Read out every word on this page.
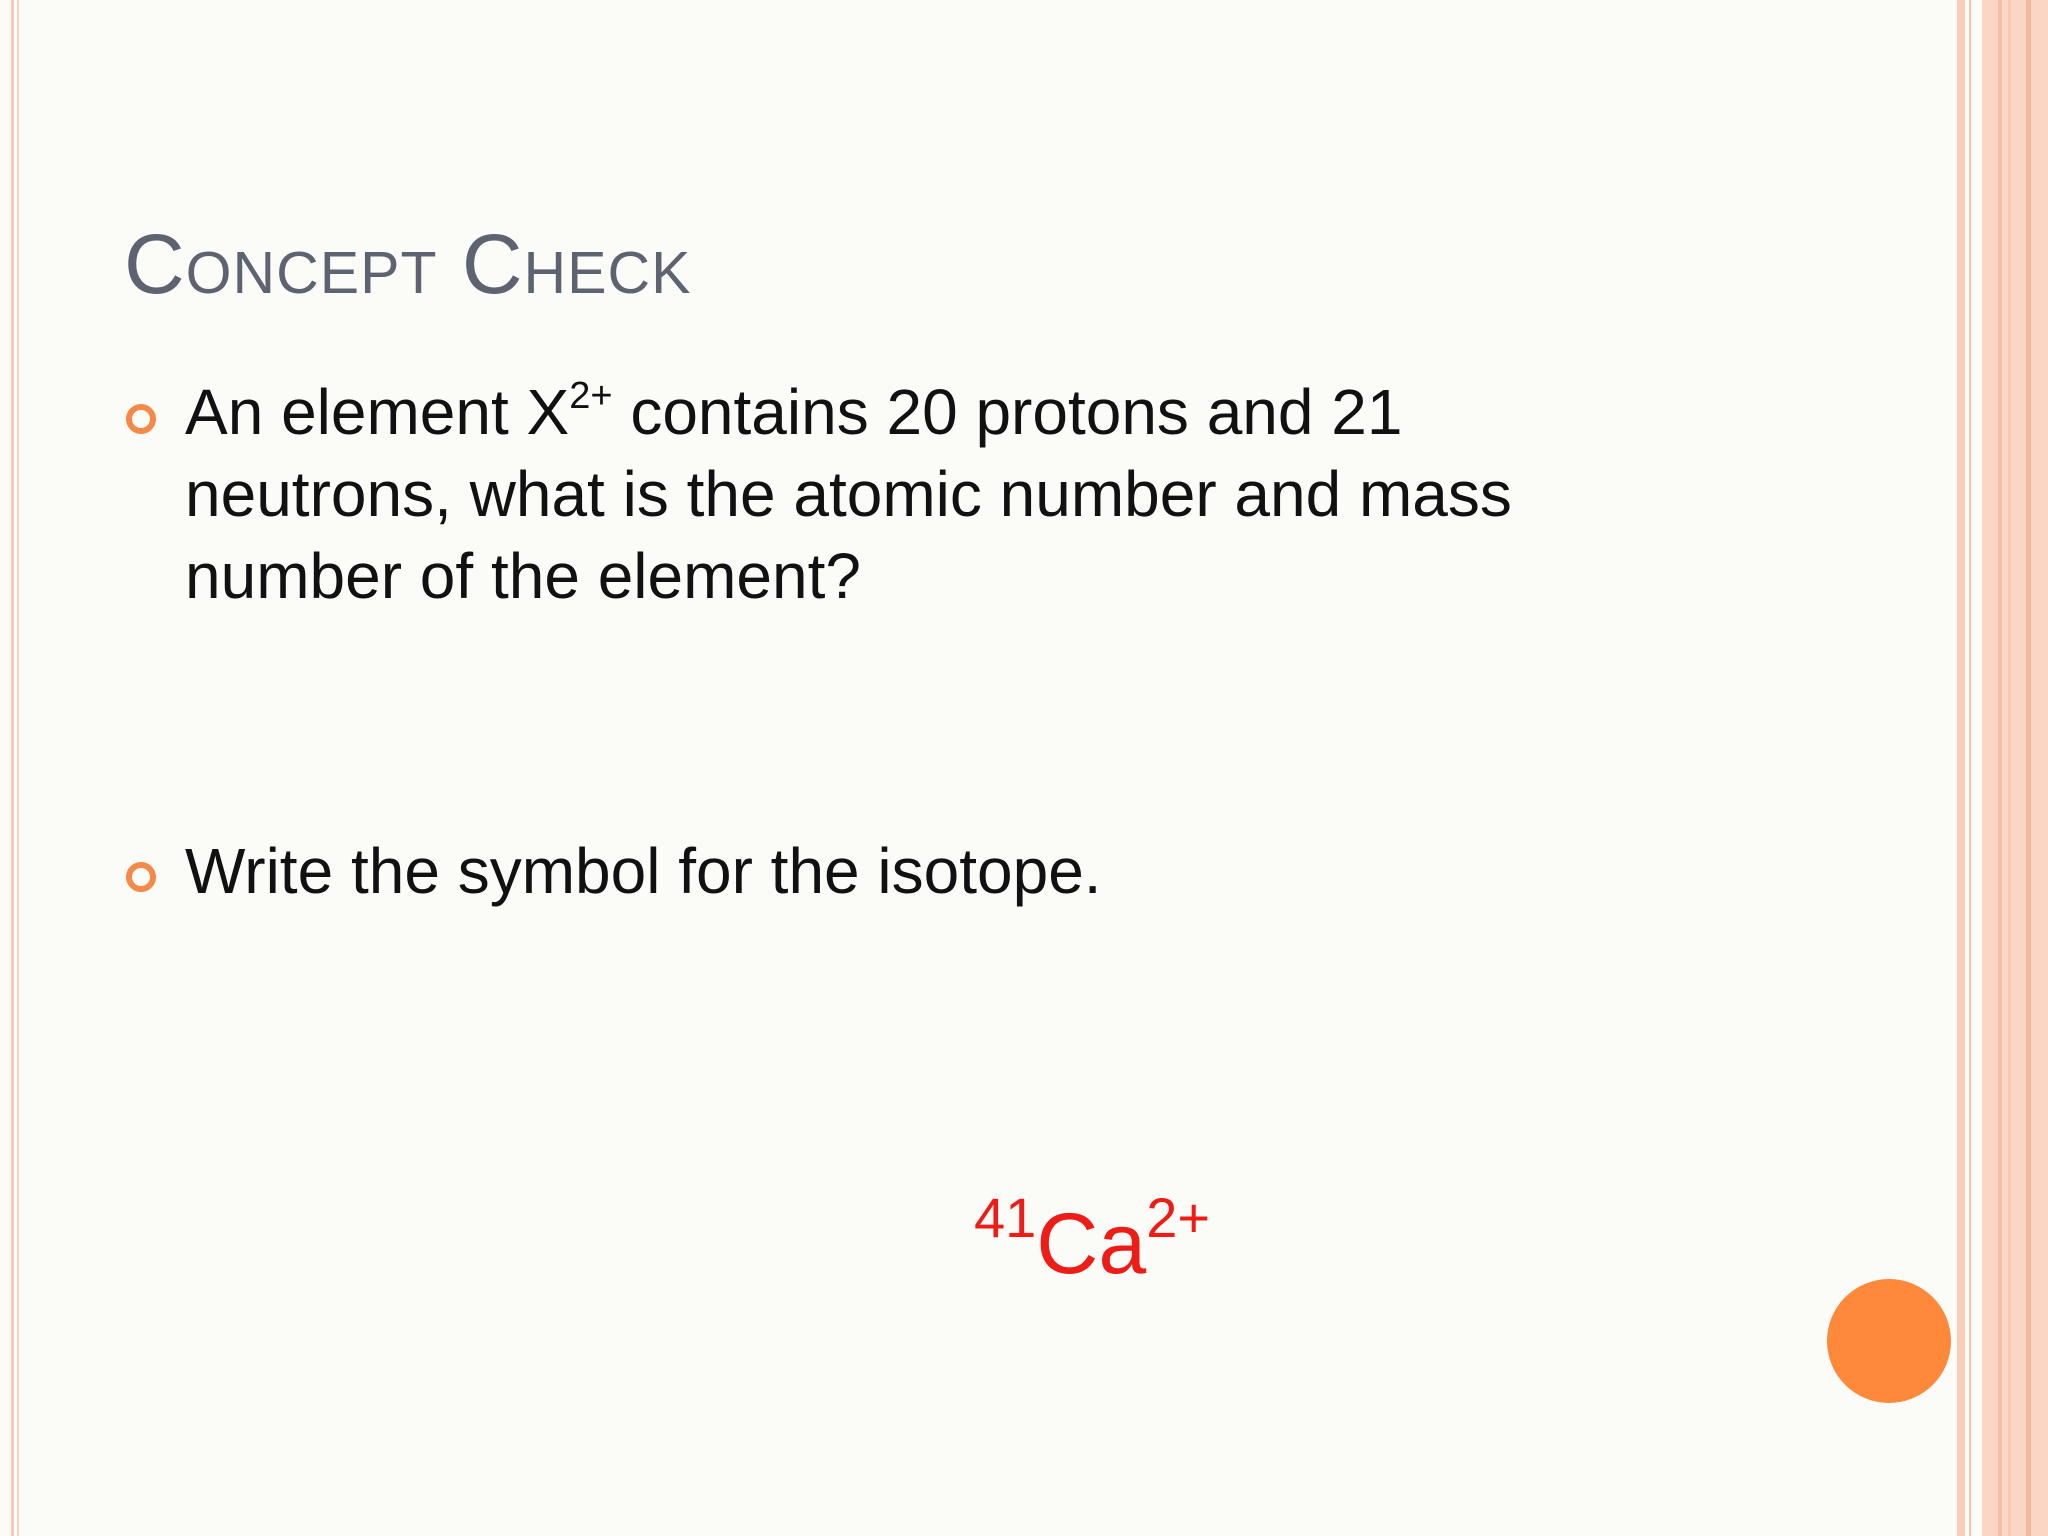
Concept Check

An element $X^{2+}$ contains 20 protons and 21 neutrons, what is the atomic number and mass number of the element?

Write the symbol for the isotope.

41Ca2+
